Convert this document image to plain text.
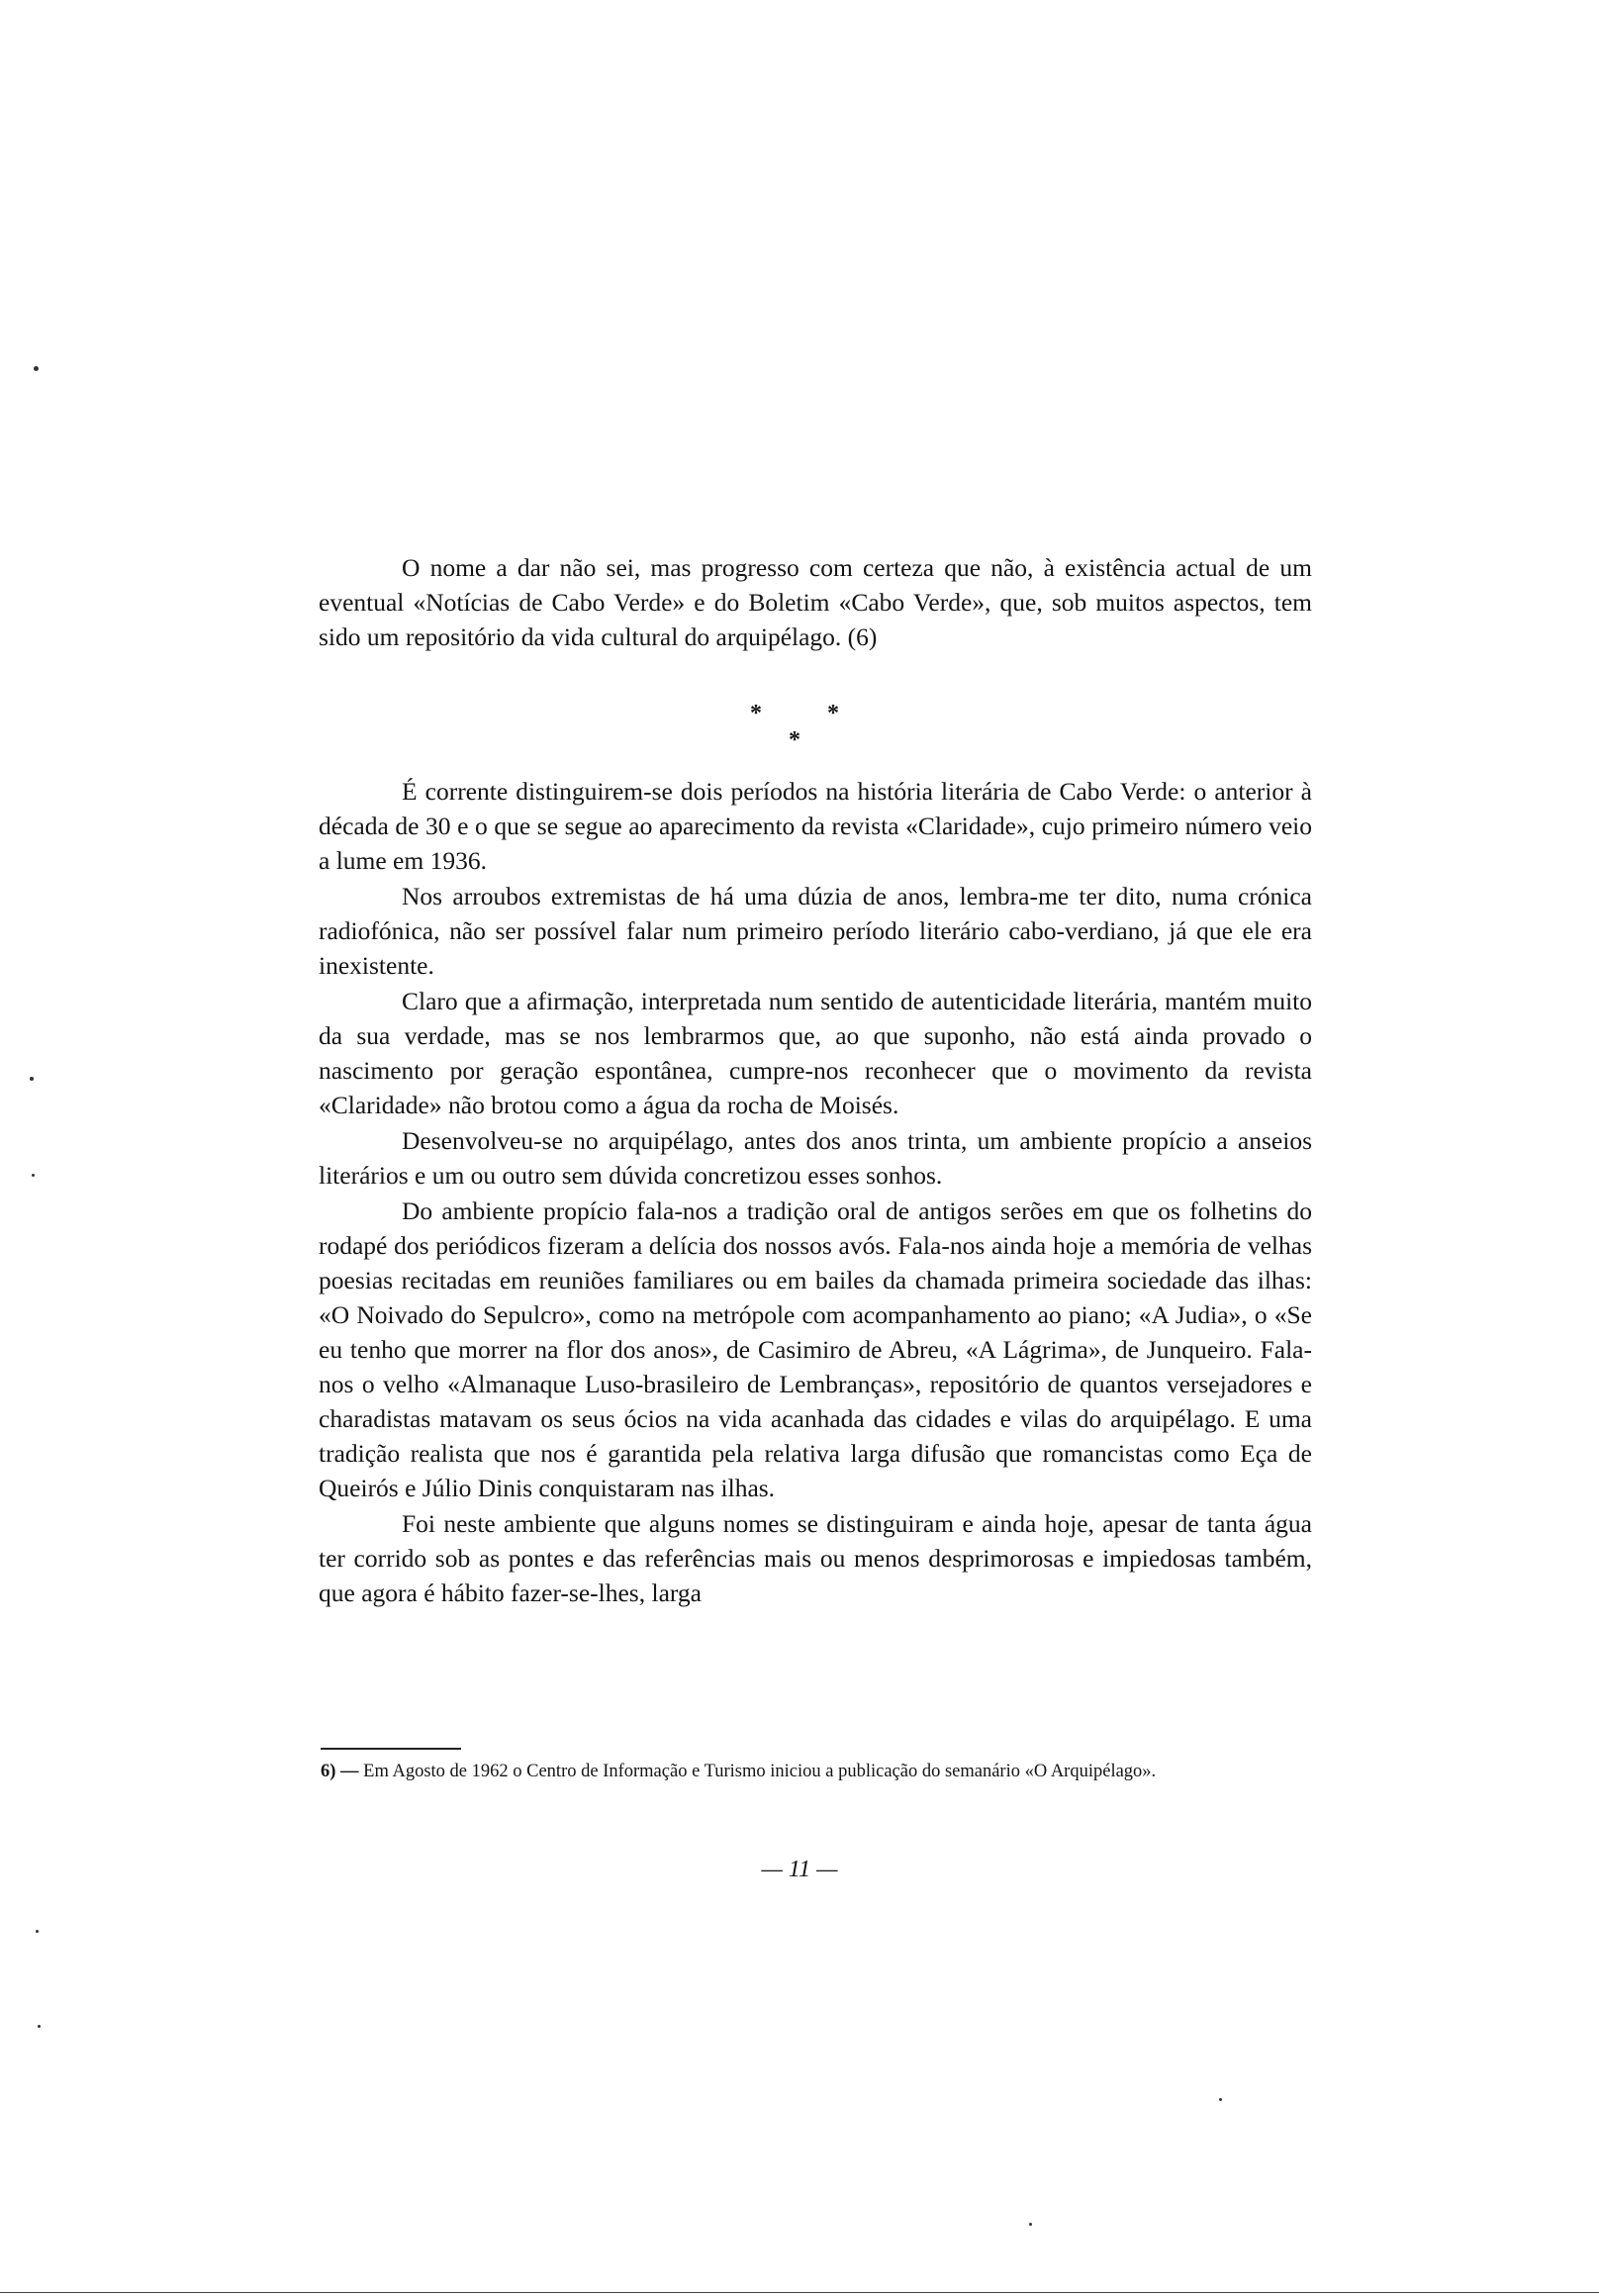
O nome a dar não sei, mas progresso com certeza que não, à existência actual de um eventual «Notícias de Cabo Verde» e do Boletim «Cabo Verde», que, sob muitos aspectos, tem sido um repositório da vida cultural do arquipélago. (6)

* * *

É corrente distinguirem-se dois períodos na história literária de Cabo Verde: o anterior à década de 30 e o que se segue ao aparecimento da revista «Claridade», cujo primeiro número veio a lume em 1936.

Nos arroubos extremistas de há uma dúzia de anos, lembra-me ter dito, numa crónica radiofónica, não ser possível falar num primeiro período literário cabo-verdiano, já que ele era inexistente.

Claro que a afirmação, interpretada num sentido de autenticidade literária, mantém muito da sua verdade, mas se nos lembrarmos que, ao que suponho, não está ainda provado o nascimento por geração espontânea, cumpre-nos reconhecer que o movimento da revista «Claridade» não brotou como a água da rocha de Moisés.

Desenvolveu-se no arquipélago, antes dos anos trinta, um ambiente propício a anseios literários e um ou outro sem dúvida concretizou esses sonhos.

Do ambiente propício fala-nos a tradição oral de antigos serões em que os folhetins do rodapé dos periódicos fizeram a delícia dos nossos avós. Fala-nos ainda hoje a memória de velhas poesias recitadas em reuniões familiares ou em bailes da chamada primeira sociedade das ilhas: «O Noivado do Sepulcro», como na metrópole com acompanhamento ao piano; «A Judia», o «Se eu tenho que morrer na flor dos anos», de Casimiro de Abreu, «A Lágrima», de Junqueiro. Fala-nos o velho «Almanaque Luso-brasileiro de Lembranças», repositório de quantos versejadores e charadistas matavam os seus ócios na vida acanhada das cidades e vilas do arquipélago. E uma tradição realista que nos é garantida pela relativa larga difusão que romancistas como Eça de Queirós e Júlio Dinis conquistaram nas ilhas.

Foi neste ambiente que alguns nomes se distinguiram e ainda hoje, apesar de tanta água ter corrido sob as pontes e das referências mais ou menos desprimorosas e impiedosas também, que agora é hábito fazer-se-lhes, larga

6) — Em Agosto de 1962 o Centro de Informação e Turismo iniciou a publicação do semanário «O Arquipélago».
— 11 —
